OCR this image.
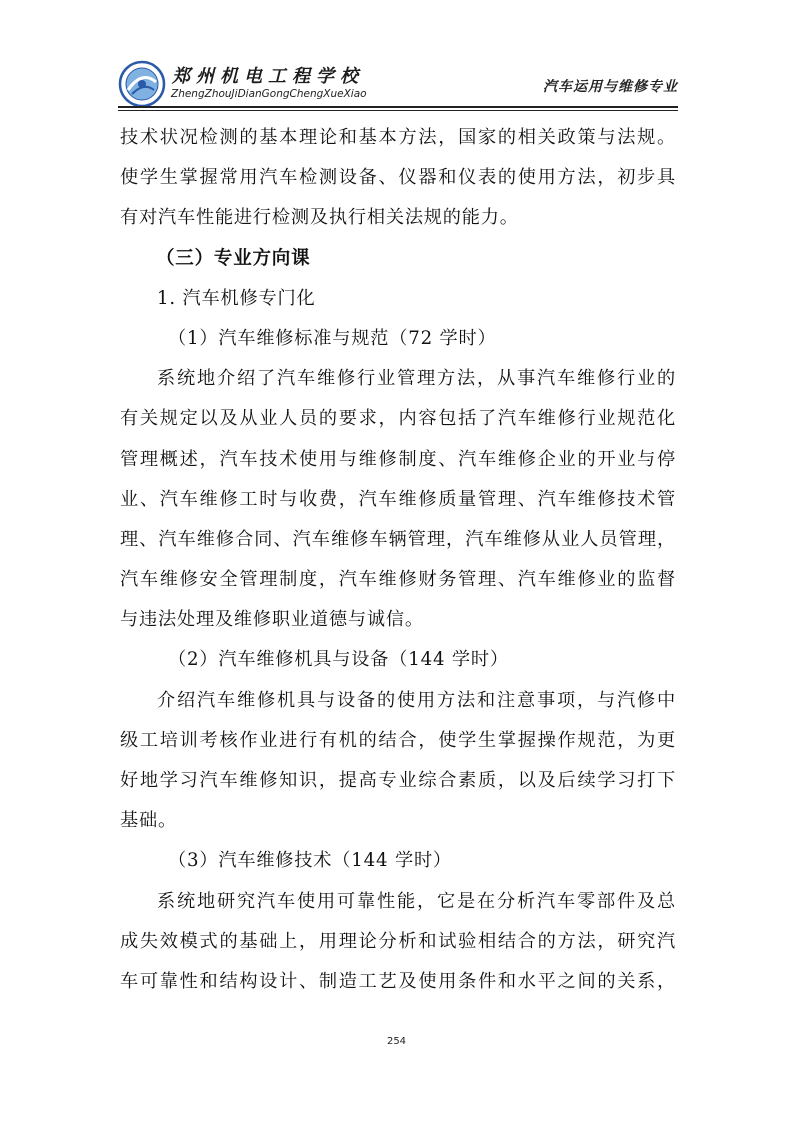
郑州机电工程学校
ZhengZhouJiDianGongChengXueXiao	汽车运用与维修专业
技术状况检测的基本理论和基本方法，国家的相关政策与法规。
使学生掌握常用汽车检测设备、仪器和仪表的使用方法，初步具
有对汽车性能进行检测及执行相关法规的能力。
（三）专业方向课
1. 汽车机修专门化
（1）汽车维修标准与规范（72 学时）
系统地介绍了汽车维修行业管理方法，从事汽车维修行业的
有关规定以及从业人员的要求，内容包括了汽车维修行业规范化
管理概述，汽车技术使用与维修制度、汽车维修企业的开业与停
业、汽车维修工时与收费，汽车维修质量管理、汽车维修技术管
理、汽车维修合同、汽车维修车辆管理，汽车维修从业人员管理，
汽车维修安全管理制度，汽车维修财务管理、汽车维修业的监督
与违法处理及维修职业道德与诚信。
（2）汽车维修机具与设备（144 学时）
介绍汽车维修机具与设备的使用方法和注意事项，与汽修中
级工培训考核作业进行有机的结合，使学生掌握操作规范，为更
好地学习汽车维修知识，提高专业综合素质，以及后续学习打下
基础。
（3）汽车维修技术（144 学时）
系统地研究汽车使用可靠性能，它是在分析汽车零部件及总
成失效模式的基础上，用理论分析和试验相结合的方法，研究汽
车可靠性和结构设计、制造工艺及使用条件和水平之间的关系，
254
